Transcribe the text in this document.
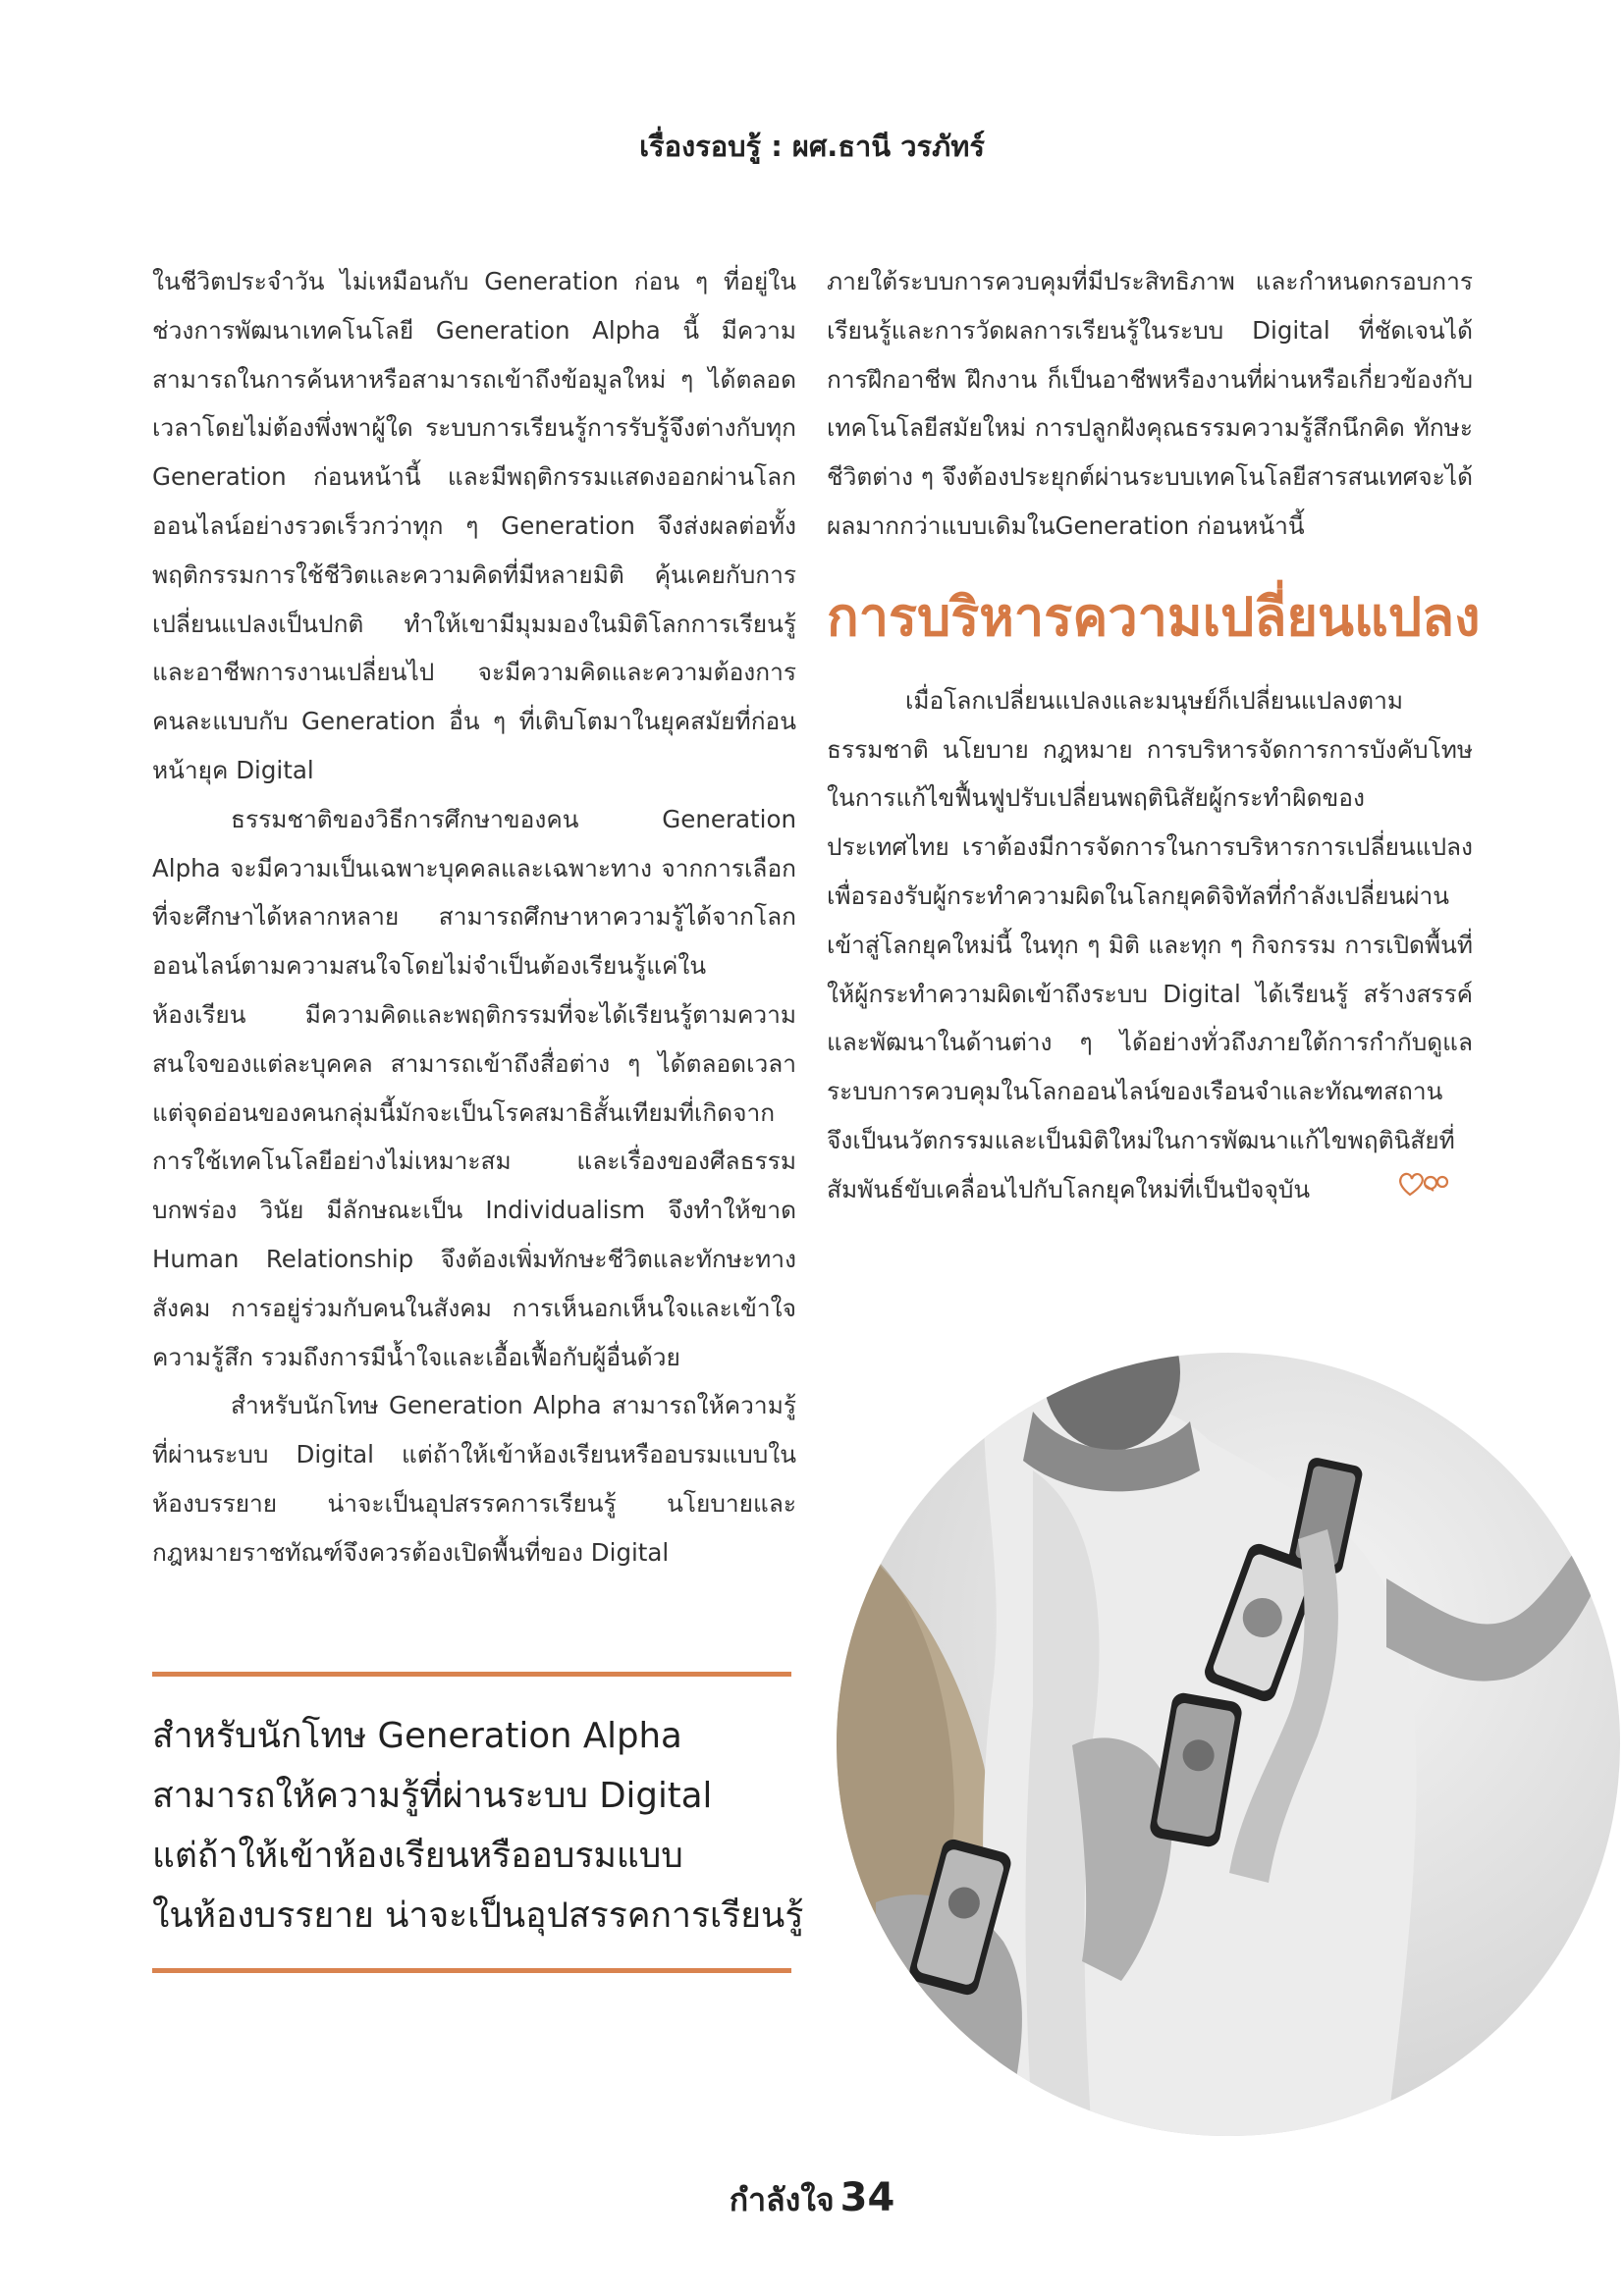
เรื่องรอบรู้ : ผศ.ธานี วรภัทร์

ในชีวิตประจำวัน ไม่เหมือนกับ Generation ก่อน ๆ ที่อยู่ในช่วงการพัฒนาเทคโนโลยี Generation Alpha นี้ มีความสามารถในการค้นหาหรือสามารถเข้าถึงข้อมูลใหม่ ๆ ได้ตลอดเวลาโดยไม่ต้องพึ่งพาผู้ใด ระบบการเรียนรู้การรับรู้จึงต่างกับทุก Generation ก่อนหน้านี้ และมีพฤติกรรมแสดงออกผ่านโลกออนไลน์อย่างรวดเร็วกว่าทุก ๆ Generation จึงส่งผลต่อทั้งพฤติกรรมการใช้ชีวิตและความคิดที่มีหลายมิติ คุ้นเคยกับการเปลี่ยนแปลงเป็นปกติ ทำให้เขามีมุมมองในมิติโลกการเรียนรู้และอาชีพการงานเปลี่ยนไป จะมีความคิดและความต้องการคนละแบบกับ Generation อื่น ๆ ที่เติบโตมาในยุคสมัยที่ก่อนหน้ายุค Digital

ธรรมชาติของวิธีการศึกษาของคน Generation Alpha จะมีความเป็นเฉพาะบุคคลและเฉพาะทาง จากการเลือกที่จะศึกษาได้หลากหลาย สามารถศึกษาหาความรู้ได้จากโลกออนไลน์ตามความสนใจโดยไม่จำเป็นต้องเรียนรู้แค่ในห้องเรียน มีความคิดและพฤติกรรมที่จะได้เรียนรู้ตามความสนใจของแต่ละบุคคล สามารถเข้าถึงสื่อต่าง ๆ ได้ตลอดเวลา แต่จุดอ่อนของคนกลุ่มนี้มักจะเป็นโรคสมาธิสั้นเทียมที่เกิดจากการใช้เทคโนโลยีอย่างไม่เหมาะสม และเรื่องของศีลธรรมบกพร่อง วินัย มีลักษณะเป็น Individualism จึงทำให้ขาด Human Relationship จึงต้องเพิ่มทักษะชีวิตและทักษะทางสังคม การอยู่ร่วมกับคนในสังคม การเห็นอกเห็นใจและเข้าใจความรู้สึก รวมถึงการมีน้ำใจและเอื้อเฟื้อกับผู้อื่นด้วย

สำหรับนักโทษ Generation Alpha สามารถให้ความรู้ที่ผ่านระบบ Digital แต่ถ้าให้เข้าห้องเรียนหรืออบรมแบบในห้องบรรยาย น่าจะเป็นอุปสรรคการเรียนรู้ นโยบายและกฎหมายราชทัณฑ์จึงควรต้องเปิดพื้นที่ของ Digital

ภายใต้ระบบการควบคุมที่มีประสิทธิภาพ และกำหนดกรอบการเรียนรู้และการวัดผลการเรียนรู้ในระบบ Digital ที่ชัดเจนได้ การฝึกอาชีพ ฝึกงาน ก็เป็นอาชีพหรืองานที่ผ่านหรือเกี่ยวข้องกับเทคโนโลยีสมัยใหม่ การปลูกฝังคุณธรรมความรู้สึกนึกคิด ทักษะชีวิตต่าง ๆ จึงต้องประยุกต์ผ่านระบบเทคโนโลยีสารสนเทศจะได้ผลมากกว่าแบบเดิมในGeneration ก่อนหน้านี้

การบริหารความเปลี่ยนแปลง

เมื่อโลกเปลี่ยนแปลงและมนุษย์ก็เปลี่ยนแปลงตามธรรมชาติ นโยบาย กฎหมาย การบริหารจัดการการบังคับโทษในการแก้ไขฟื้นฟูปรับเปลี่ยนพฤตินิสัยผู้กระทำผิดของประเทศไทย เราต้องมีการจัดการในการบริหารการเปลี่ยนแปลงเพื่อรองรับผู้กระทำความผิดในโลกยุคดิจิทัลที่กำลังเปลี่ยนผ่านเข้าสู่โลกยุคใหม่นี้ ในทุก ๆ มิติ และทุก ๆ กิจกรรม การเปิดพื้นที่ให้ผู้กระทำความผิดเข้าถึงระบบ Digital ได้เรียนรู้ สร้างสรรค์ และพัฒนาในด้านต่าง ๆ ได้อย่างทั่วถึงภายใต้การกำกับดูแลระบบการควบคุมในโลกออนไลน์ของเรือนจำและทัณฑสถาน จึงเป็นนวัตกรรมและเป็นมิติใหม่ในการพัฒนาแก้ไขพฤตินิสัยที่สัมพันธ์ขับเคลื่อนไปกับโลกยุคใหม่ที่เป็นปัจจุบัน

สำหรับนักโทษ Generation Alpha
สามารถให้ความรู้ที่ผ่านระบบ Digital
แต่ถ้าให้เข้าห้องเรียนหรืออบรมแบบ
ในห้องบรรยาย น่าจะเป็นอุปสรรคการเรียนรู้
กำลังใจ 34
